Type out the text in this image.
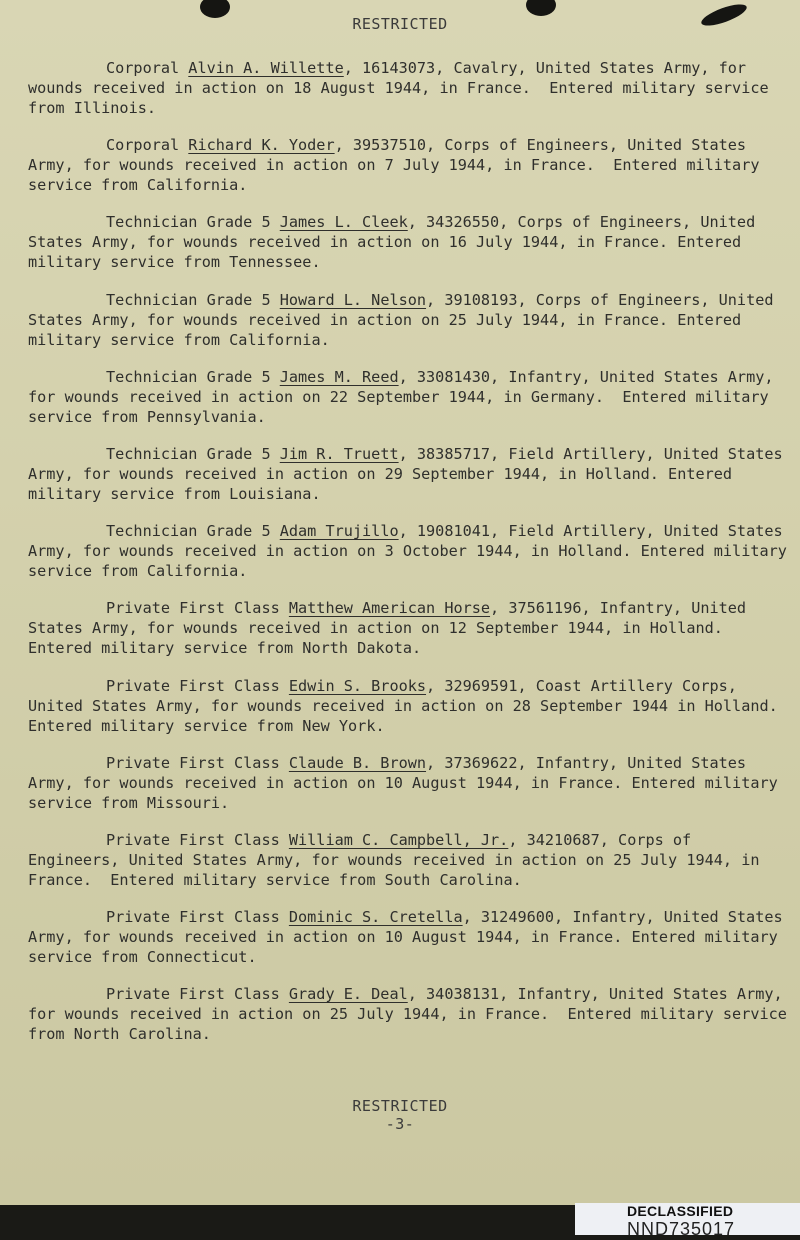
RESTRICTED

Corporal Alvin A. Willette, 16143073, Cavalry, United States Army, for wounds received in action on 18 August 1944, in France.  Entered military service from Illinois.

Corporal Richard K. Yoder, 39537510, Corps of Engineers, United States Army, for wounds received in action on 7 July 1944, in France.  Entered military service from California.

Technician Grade 5 James L. Cleek, 34326550, Corps of Engineers, United States Army, for wounds received in action on 16 July 1944, in France. Entered military service from Tennessee.

Technician Grade 5 Howard L. Nelson, 39108193, Corps of Engineers, United States Army, for wounds received in action on 25 July 1944, in France. Entered military service from California.

Technician Grade 5 James M. Reed, 33081430, Infantry, United States Army, for wounds received in action on 22 September 1944, in Germany.  Entered military service from Pennsylvania.

Technician Grade 5 Jim R. Truett, 38385717, Field Artillery, United States Army, for wounds received in action on 29 September 1944, in Holland. Entered military service from Louisiana.

Technician Grade 5 Adam Trujillo, 19081041, Field Artillery, United States Army, for wounds received in action on 3 October 1944, in Holland. Entered military service from California.

Private First Class Matthew American Horse, 37561196, Infantry, United States Army, for wounds received in action on 12 September 1944, in Holland.  Entered military service from North Dakota.

Private First Class Edwin S. Brooks, 32969591, Coast Artillery Corps, United States Army, for wounds received in action on 28 September 1944 in Holland.  Entered military service from New York.

Private First Class Claude B. Brown, 37369622, Infantry, United States Army, for wounds received in action on 10 August 1944, in France. Entered military service from Missouri.

Private First Class William C. Campbell, Jr., 34210687, Corps of Engineers, United States Army, for wounds received in action on 25 July 1944, in France.  Entered military service from South Carolina.

Private First Class Dominic S. Cretella, 31249600, Infantry, United States Army, for wounds received in action on 10 August 1944, in France. Entered military service from Connecticut.

Private First Class Grady E. Deal, 34038131, Infantry, United States Army, for wounds received in action on 25 July 1944, in France.  Entered military service from North Carolina.

RESTRICTED
-3-
DECLASSIFIED
NND735017
